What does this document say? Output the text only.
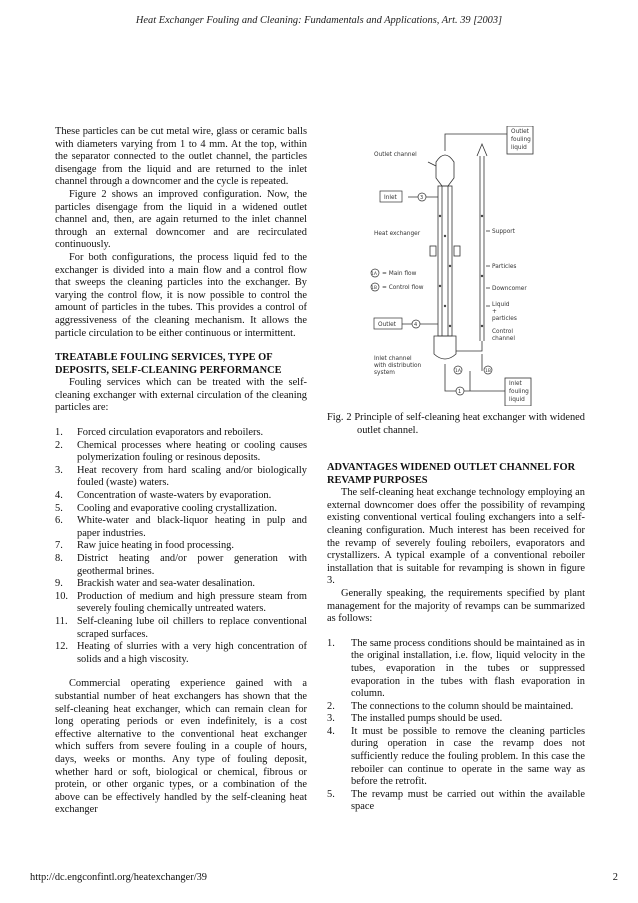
Heat Exchanger Fouling and Cleaning: Fundamentals and Applications, Art. 39 [2003]

These particles can be cut metal wire, glass or ceramic balls with diameters varying from 1 to 4 mm. At the top, within the separator connected to the outlet channel, the particles disengage from the liquid and are returned to the inlet channel through a downcomer and the cycle is repeated.

Figure 2 shows an improved configuration. Now, the particles disengage from the liquid in a widened outlet channel and, then, are again returned to the inlet channel through an external downcomer and are recirculated continuously.

For both configurations, the process liquid fed to the exchanger is divided into a main flow and a control flow that sweeps the cleaning particles into the exchanger. By varying the control flow, it is now possible to control the amount of particles in the tubes. This provides a control of aggressiveness of the cleaning mechanism. It allows the particle circulation to be either continuous or intermittent.

TREATABLE FOULING SERVICES, TYPE OF DEPOSITS, SELF-CLEANING PERFORMANCE

Fouling services which can be treated with the self-cleaning exchanger with external circulation of the cleaning particles are:

1. Forced circulation evaporators and reboilers.
2. Chemical processes where heating or cooling causes polymerization fouling or resinous deposits.
3. Heat recovery from hard scaling and/or biologically fouled (waste) waters.
4. Concentration of waste-waters by evaporation.
5. Cooling and evaporative cooling crystallization.
6. White-water and black-liquor heating in pulp and paper industries.
7. Raw juice heating in food processing.
8. District heating and/or power generation with geothermal brines.
9. Brackish water and sea-water desalination.
10. Production of medium and high pressure steam from severely fouling chemically untreated waters.
11. Self-cleaning lube oil chillers to replace conventional scraped surfaces.
12. Heating of slurries with a very high concentration of solids and a high viscosity.

Commercial operating experience gained with a substantial number of heat exchangers has shown that the self-cleaning heat exchanger, which can remain clean for long operating periods or even indefinitely, is a cost effective alternative to the conventional heat exchanger which suffers from severe fouling in a couple of hours, days, weeks or months. Any type of fouling deposit, whether hard or soft, biological or chemical, fibrous or protein, or other organic types, or a combination of the above can be effectively handled by the self-cleaning heat exchanger

Outlet
fouling
liquid
Outlet channel
Inlet	3
Support
Heat exchanger
Particles
1A = Main flow
1B = Control flow	Downcomer
Liquid
+
particles
Outlet	4
Control
channel
Inlet channel
with distribution
system	1A	1B
1
Inlet
fouling
liquid
Fig. 2 Principle of self-cleaning heat exchanger with widened outlet channel.

ADVANTAGES WIDENED OUTLET CHANNEL FOR REVAMP PURPOSES

The self-cleaning heat exchange technology employing an external downcomer does offer the possibility of revamping existing conventional vertical fouling exchangers into a self-cleaning configuration. Much interest has been received for the revamp of severely fouling reboilers, evaporators and crystallizers. A typical example of a conventional reboiler installation that is suitable for revamping is shown in figure 3.

Generally speaking, the requirements specified by plant management for the majority of revamps can be summarized as follows:

1. The same process conditions should be maintained as in the original installation, i.e. flow, liquid velocity in the tubes, evaporation in the tubes or suppressed evaporation in the tubes with flash evaporation in column.
2. The connections to the column should be maintained.
3. The installed pumps should be used.
4. It must be possible to remove the cleaning particles during operation in case the revamp does not sufficiently reduce the fouling problem. In this case the reboiler can continue to operate in the same way as before the retrofit.
5. The revamp must be carried out within the available space
http://dc.engconfintl.org/heatexchanger/39	2
